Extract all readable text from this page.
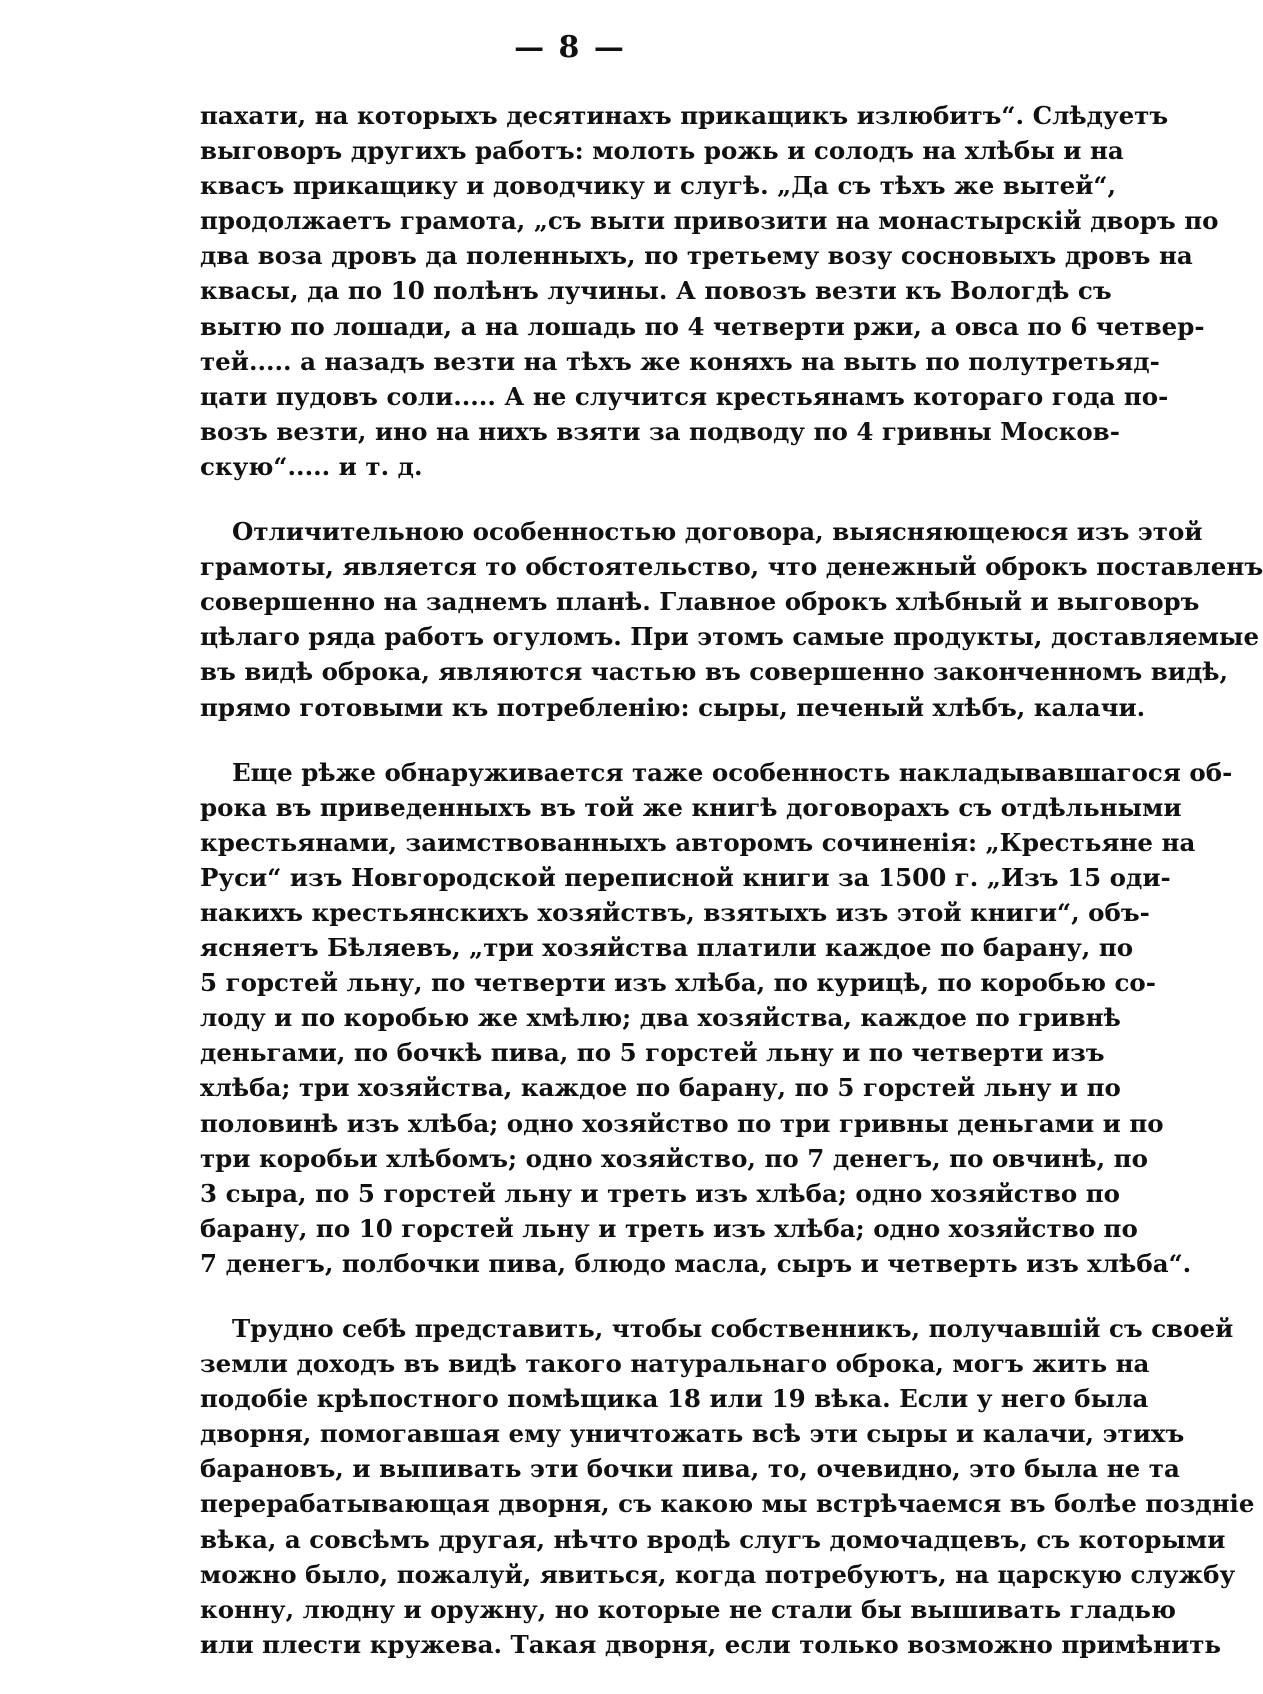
— 8 —
пахати, на которыхъ десятинахъ прикащикъ излюбитъ“. Слѣдуетъ
выговоръ другихъ работъ: молоть рожь и солодъ на хлѣбы и на
квасъ прикащику и доводчику и слугѣ. „Да съ тѣхъ же вытей“,
продолжаетъ грамота, „съ выти привозити на монастырскій дворъ по
два воза дровъ да поленныхъ, по третьему возу сосновыхъ дровъ на
квасы, да по 10 полѣнъ лучины. А повозъ везти къ Вологдѣ съ
вытю по лошади, а на лошадь по 4 четверти ржи, а овса по 6 четвер-
тей..... а назадъ везти на тѣхъ же коняхъ на выть по полутретьяд-
цати пудовъ соли..... А не случится крестьянамъ котораго года по-
возъ везти, ино на нихъ взяти за подводу по 4 гривны Москов-
скую“..... и т. д.
Отличительною особенностью договора, выясняющеюся изъ этой
грамоты, является то обстоятельство, что денежный оброкъ поставленъ
совершенно на заднемъ планѣ. Главное оброкъ хлѣбный и выговоръ
цѣлаго ряда работъ огуломъ. При этомъ самые продукты, доставляемые
въ видѣ оброка, являются частью въ совершенно законченномъ видѣ,
прямо готовыми къ потребленію: сыры, печеный хлѣбъ, калачи.
Еще рѣже обнаруживается таже особенность накладывавшагося об-
рока въ приведенныхъ въ той же книгѣ договорахъ съ отдѣльными
крестьянами, заимствованныхъ авторомъ сочиненія: „Крестьяне на
Руси“ изъ Новгородской переписной книги за 1500 г. „Изъ 15 оди-
накихъ крестьянскихъ хозяйствъ, взятыхъ изъ этой книги“, объ-
ясняетъ Бѣляевъ, „три хозяйства платили каждое по барану, по
5 горстей льну, по четверти изъ хлѣба, по курицѣ, по коробью со-
лоду и по коробью же хмѣлю; два хозяйства, каждое по гривнѣ
деньгами, по бочкѣ пива, по 5 горстей льну и по четверти изъ
хлѣба; три хозяйства, каждое по барану, по 5 горстей льну и по
половинѣ изъ хлѣба; одно хозяйство по три гривны деньгами и по
три коробьи хлѣбомъ; одно хозяйство, по 7 денегъ, по овчинѣ, по
3 сыра, по 5 горстей льну и треть изъ хлѣба; одно хозяйство по
барану, по 10 горстей льну и треть изъ хлѣба; одно хозяйство по
7 денегъ, полбочки пива, блюдо масла, сыръ и четверть изъ хлѣба“.
Трудно себѣ представить, чтобы собственникъ, получавшій съ своей
земли доходъ въ видѣ такого натуральнаго оброка, могъ жить на
подобіе крѣпостного помѣщика 18 или 19 вѣка. Если у него была
дворня, помогавшая ему уничтожать всѣ эти сыры и калачи, этихъ
барановъ, и выпивать эти бочки пива, то, очевидно, это была не та
перерабатывающая дворня, съ какою мы встрѣчаемся въ болѣе поздніе
вѣка, а совсѣмъ другая, нѣчто вродѣ слугъ домочадцевъ, съ которыми
можно было, пожалуй, явиться, когда потребуютъ, на царскую службу
конну, людну и оружну, но которые не стали бы вышивать гладью
или плести кружева. Такая дворня, если только возможно примѣнить
